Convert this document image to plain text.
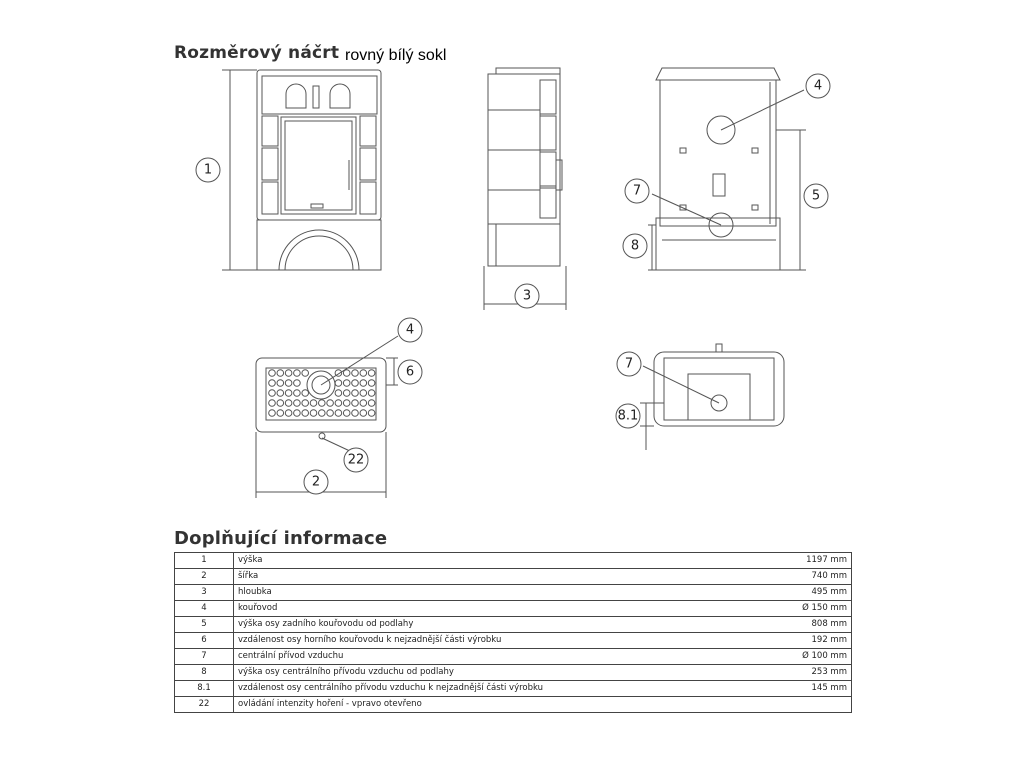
Rozměrový náčrt rovný bílý sokl
1
2
3
4
5
7
8
4
6
22
7
8.1
Doplňující informace
1	výška	1197 mm
2	šířka	740 mm
3	hloubka	495 mm
4	kouřovod	Ø 150 mm
5	výška osy zadního kouřovodu od podlahy	808 mm
6	vzdálenost osy horního kouřovodu k nejzadnější části výrobku	192 mm
7	centrální přívod vzduchu	Ø 100 mm
8	výška osy centrálního přívodu vzduchu od podlahy	253 mm
8.1	vzdálenost osy centrálního přívodu vzduchu k nejzadnější části výrobku	145 mm
22	ovládání intenzity hoření - vpravo otevřeno	
